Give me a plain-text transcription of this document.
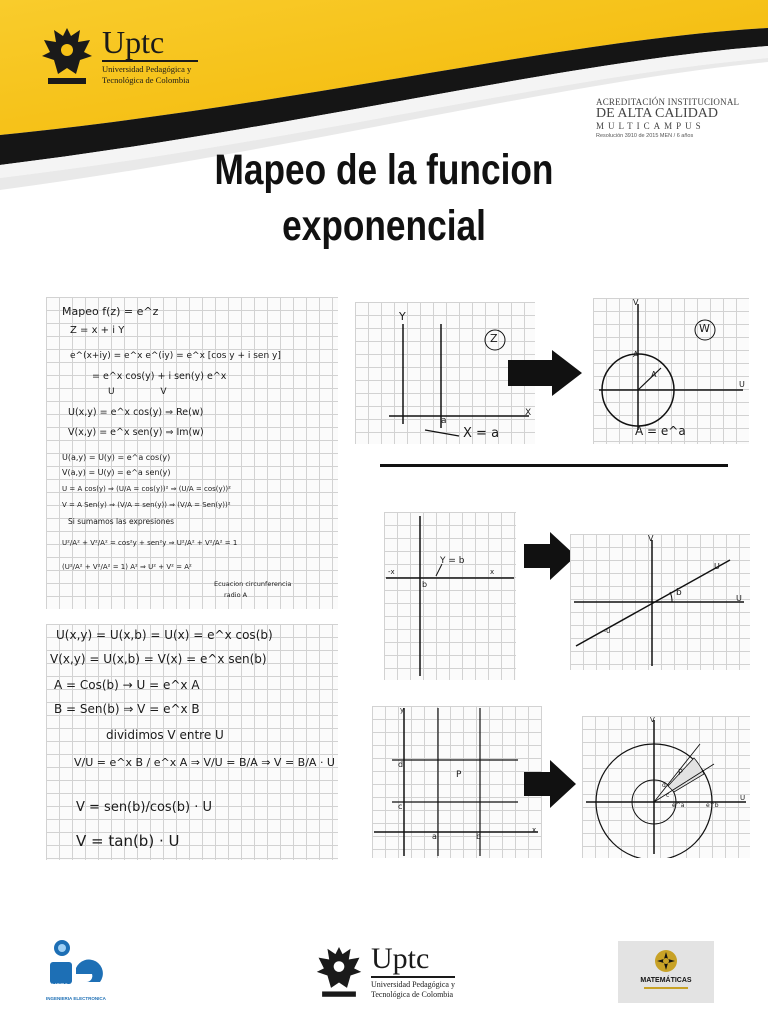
Uptc
Universidad Pedagógica y
Tecnológica de Colombia
ACREDITACIÓN INSTITUCIONAL
DE ALTA CALIDAD
MULTICAMPUS
Resolución 3910 de 2015 MEN / 6 años
Mapeo de la funcion
exponencial
Mapeo f(z) = e^z
Z = x + i Y
e^(x+iy) = e^x e^(iy) = e^x [cos y + i sen y]
= e^x cos(y) + i sen(y) e^x
U                V
U(x,y) = e^x cos(y) ⇒ Re(w)
V(x,y) = e^x sen(y) ⇒ Im(w)
U(a,y) = U(y) = e^a cos(y)
V(a,y) = U(y) = e^a sen(y)
U = A cos(y) ⇒ (U/A = cos(y))² ⇒ (U/A = cos(y))²
V = A Sen(y) ⇒ (V/A = sen(y)) ⇒ (V/A = Sen(y))²
Si sumamos las expresiones
U²/A² + V²/A² = cos²y + sen²y ⇒ U²/A² + V²/A² = 1
(U²/A² + V²/A² = 1) A² ⇒ U² + V² = A²
Ecuacion circunferencia
radio A
U(x,y) = U(x,b) = U(x) = e^x cos(b)
V(x,y) = U(x,b) = V(x) = e^x sen(b)
A = Cos(b) → U = e^x A
B = Sen(b) ⇒ V = e^x B
dividimos V entre U
V/U = e^x B / e^x A ⇒ V/U = B/A ⇒ V = B/A · U
V = sen(b)/cos(b) · U
V = tan(b) · U
Y
X
Z
a
X = a
V
U
W
A
A
A = e^a
Y = b
-x	x
b
V
U
b
U
-U
y
x
d
c
a	b
P
V
U
P
d
c
e^a	e^b
UPTC
INGENIERIA ELECTRONICA
Uptc
Universidad Pedagógica y
Tecnológica de Colombia
MATEMÁTICAS
